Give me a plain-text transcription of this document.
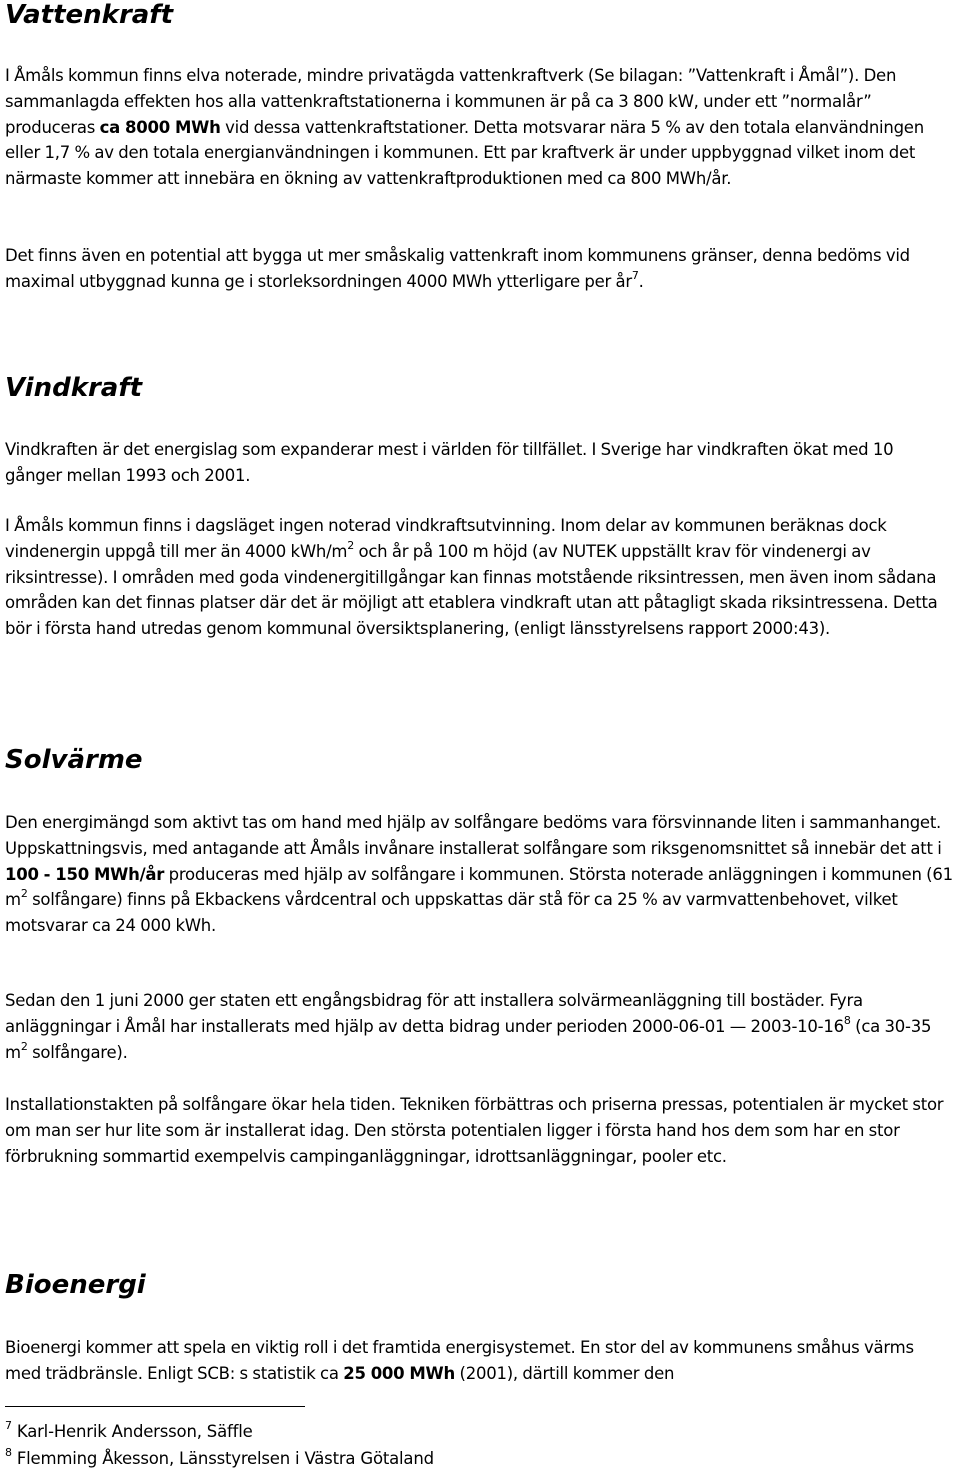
Vattenkraft

I Åmåls kommun finns elva noterade, mindre privatägda vattenkraftverk (Se bilagan: ”Vattenkraft i Åmål”). Den sammanlagda effekten hos alla vattenkraftstationerna i kommunen är på ca 3 800 kW, under ett ”normalår” produceras ca 8000 MWh vid dessa vattenkraftstationer. Detta motsvarar nära 5 % av den totala elanvändningen eller 1,7 % av den totala energianvändningen i kommunen. Ett par kraftverk är under uppbyggnad vilket inom det närmaste kommer att innebära en ökning av vattenkraftproduktionen med ca 800 MWh/år.

Det finns även en potential att bygga ut mer småskalig vattenkraft inom kommunens gränser, denna bedöms vid maximal utbyggnad kunna ge i storleksordningen 4000 MWh ytterligare per $år^7$.

Vindkraft

Vindkraften är det energislag som expanderar mest i världen för tillfället. I Sverige har vindkraften ökat med 10 gånger mellan 1993 och 2001.

I Åmåls kommun finns i dagsläget ingen noterad vindkraftsutvinning. Inom delar av kommunen beräknas dock vindenergin uppgå till mer än 4000 kWh/$m^2$ och år på 100 m höjd (av NUTEK uppställt krav för vindenergi av riksintresse). I områden med goda vindenergitillgångar kan finnas motstående riksintressen, men även inom sådana områden kan det finnas platser där det är möjligt att etablera vindkraft utan att påtagligt skada riksintressena. Detta bör i första hand utredas genom kommunal översiktsplanering, (enligt länsstyrelsens rapport 2000:43).

Solvärme

Den energimängd som aktivt tas om hand med hjälp av solfångare bedöms vara försvinnande liten i sammanhanget. Uppskattningsvis, med antagande att Åmåls invånare installerat solfångare som riksgenomsnittet så innebär det att i 100 - 150 MWh/år produceras med hjälp av solfångare i kommunen. Största noterade anläggningen i kommunen (61 $m^2$ solfångare) finns på Ekbackens vårdcentral och uppskattas där stå för ca 25 % av varmvattenbehovet, vilket motsvarar ca 24 000 kWh.

Sedan den 1 juni 2000 ger staten ett engångsbidrag för att installera solvärmeanläggning till bostäder. Fyra anläggningar i Åmål har installerats med hjälp av detta bidrag under perioden 2000-06-01 — $2003-10-16^8$ (ca 30-35 $m^2$ solfångare).

Installationstakten på solfångare ökar hela tiden. Tekniken förbättras och priserna pressas, potentialen är mycket stor om man ser hur lite som är installerat idag. Den största potentialen ligger i första hand hos dem som har en stor förbrukning sommartid exempelvis campinganläggningar, idrottsanläggningar, pooler etc.

Bioenergi

Bioenergi kommer att spela en viktig roll i det framtida energisystemet. En stor del av kommunens småhus värms med trädbränsle. Enligt SCB: s statistik ca 25 000 MWh (2001), därtill kommer den

$^7$ Karl-Henrik Andersson, Säffle

$^8$ Flemming Åkesson, Länsstyrelsen i Västra Götaland
